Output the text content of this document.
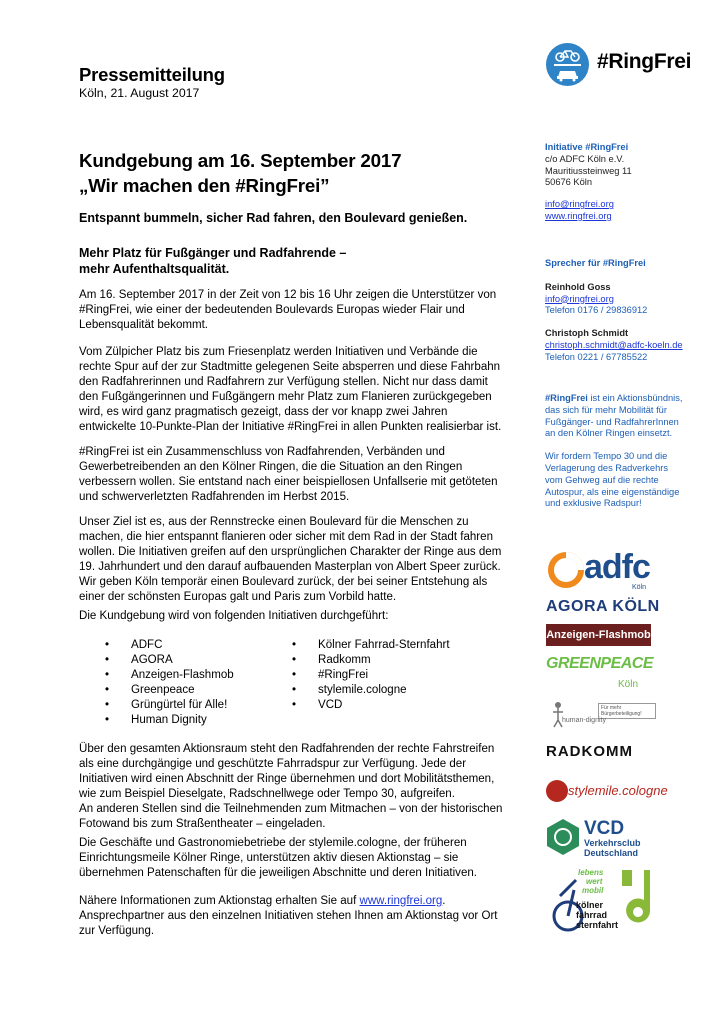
Pressemitteilung
Köln, 21. August 2017
#RingFrei
Kundgebung am 16. September 2017
„Wir machen den #RingFrei”
Entspannt bummeln, sicher Rad fahren, den Boulevard genießen.
Mehr Platz für Fußgänger und Radfahrende –
mehr Aufenthaltsqualität.

Am 16. September 2017 in der Zeit von 12 bis 16 Uhr zeigen die Unterstützer von

#RingFrei, wie einer der bedeutenden Boulevards Europas wieder Flair und

Lebensqualität bekommt.

Vom Zülpicher Platz bis zum Friesenplatz werden Initiativen und Verbände die

rechte Spur auf der zur Stadtmitte gelegenen Seite absperren und diese Fahrbahn

den Radfahrerinnen und Radfahrern zur Verfügung stellen. Nicht nur dass damit

den Fußgängerinnen und Fußgängern mehr Platz zum Flanieren zurückgegeben

wird, es wird ganz pragmatisch gezeigt, dass der vor knapp zwei Jahren

entwickelte 10-Punkte-Plan der Initiative #RingFrei in allen Punkten realisierbar ist.

#RingFrei ist ein Zusammenschluss von Radfahrenden, Verbänden und

Gewerbetreibenden an den Kölner Ringen, die die Situation an den Ringen

verbessern wollen. Sie entstand nach einer beispiellosen Unfallserie mit getöteten

und schwerverletzten Radfahrenden im Herbst 2015.

Unser Ziel ist es, aus der Rennstrecke einen Boulevard für die Menschen zu

machen, die hier entspannt flanieren oder sicher mit dem Rad in der Stadt fahren

wollen. Die Initiativen greifen auf den ursprünglichen Charakter der Ringe aus dem

19. Jahrhundert und den darauf aufbauenden Masterplan von Albert Speer zurück.

Wir geben Köln temporär einen Boulevard zurück, der bei seiner Entstehung als

einer der schönsten Europas galt und Paris zum Vorbild hatte.

Die Kundgebung wird von folgenden Initiativen durchgeführt:

• ADFC
• AGORA
• Anzeigen-Flashmob
• Greenpeace
• Grüngürtel für Alle!
• Human Dignity
• Kölner Fahrrad-Sternfahrt
• Radkomm
• #RingFrei
• stylemile.cologne
• VCD

Über den gesamten Aktionsraum steht den Radfahrenden der rechte Fahrstreifen

als eine durchgängige und geschützte Fahrradspur zur Verfügung. Jede der

Initiativen wird einen Abschnitt der Ringe übernehmen und dort Mobilitätsthemen,

wie zum Beispiel Dieselgate, Radschnellwege oder Tempo 30, aufgreifen.

An anderen Stellen sind die Teilnehmenden zum Mitmachen – von der historischen

Fotowand bis zum Straßentheater – eingeladen.

Die Geschäfte und Gastronomiebetriebe der stylemile.cologne, der früheren

Einrichtungsmeile Kölner Ringe, unterstützen aktiv diesen Aktionstag – sie

übernehmen Patenschaften für die jeweiligen Abschnitte und deren Initiativen.

Nähere Informationen zum Aktionstag erhalten Sie auf www.ringfrei.org.

Ansprechpartner aus den einzelnen Initiativen stehen Ihnen am Aktionstag vor Ort

zur Verfügung.

Initiative #RingFrei

c/o ADFC Köln e.V.

Mauritiussteinweg 11

50676 Köln

info@ringfrei.org

www.ringfrei.org

Sprecher für #RingFrei

Reinhold Goss

info@ringfrei.org

Telefon 0176 / 29836912

Christoph Schmidt

christoph.schmidt@adfc-koeln.de

Telefon 0221 / 67785522

#RingFrei ist ein Aktionsbündnis,

das sich für mehr Mobilität für

Fußgänger- und RadfahrerInnen

an den Kölner Ringen einsetzt.

Wir fordern Tempo 30 und die

Verlagerung des Radverkehrs

vom Gehweg auf die rechte

Autospur, als eine eigenständige

und exklusive Radspur!

adfc
Köln
AGORA KÖLN
Anzeigen-Flashmob
GREENPEACE
Köln
Für mehr Bürgerbeteiligung!
human-dignity
RADKOMM
stylemile.cologne
VCD
Verkehrsclub
Deutschland
lebens
wert
mobil
kölner
fahrrad
sternfahrt
